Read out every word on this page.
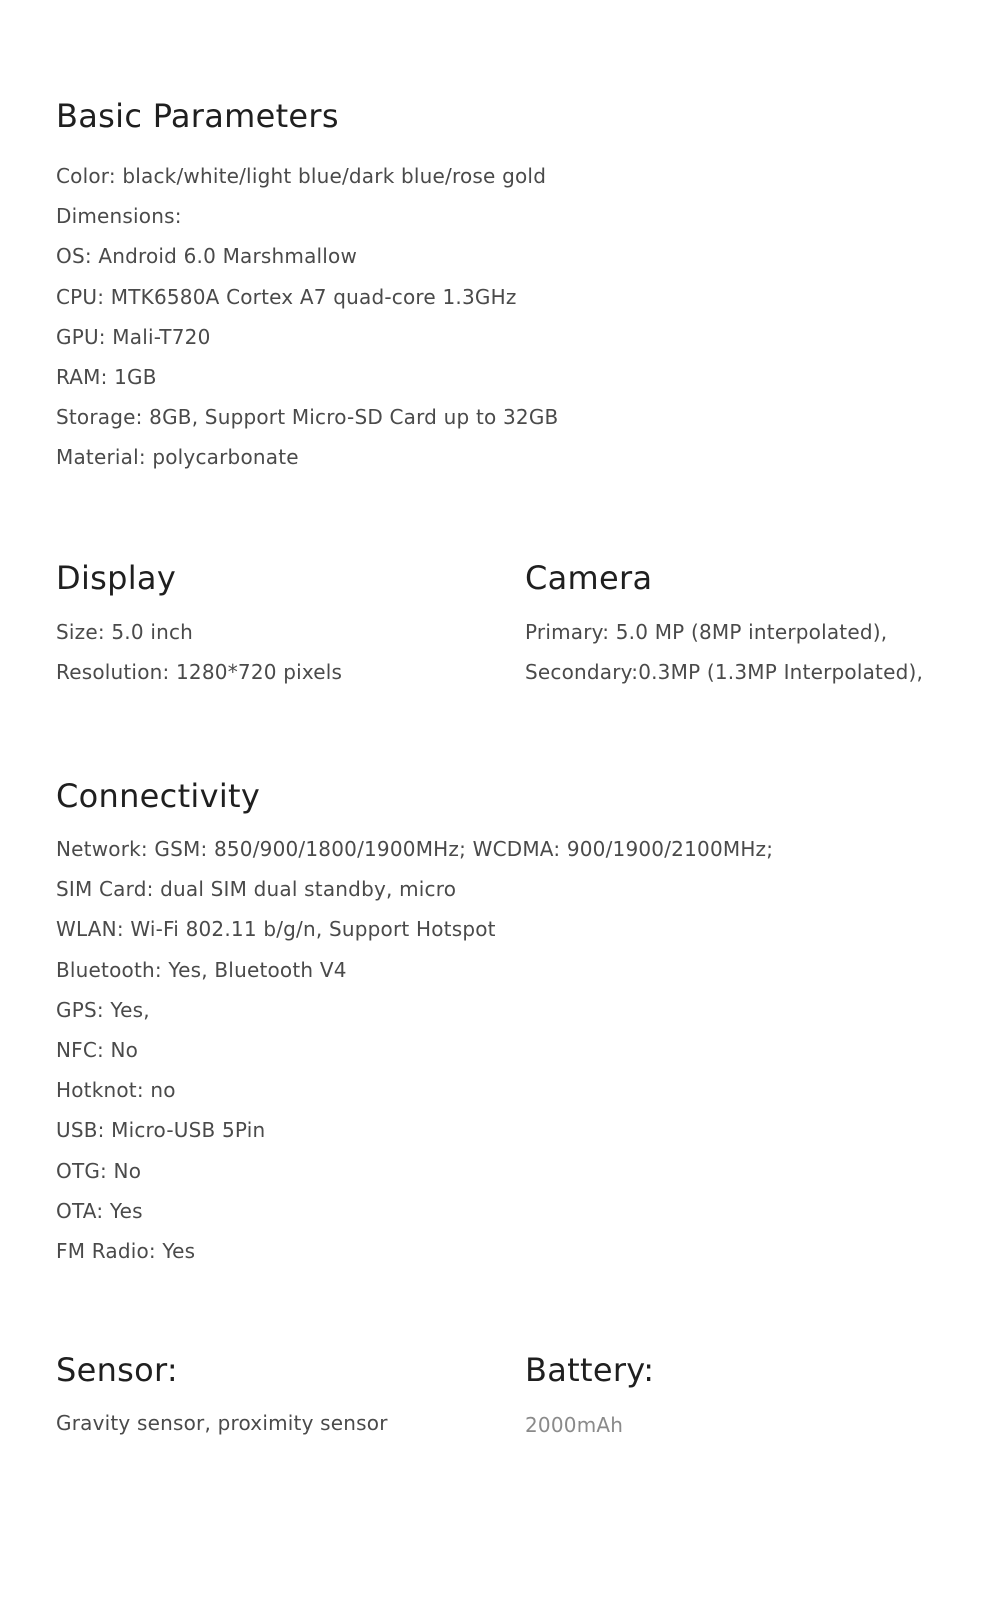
Basic Parameters
Color: black/white/light blue/dark blue/rose gold
Dimensions:
OS: Android 6.0 Marshmallow
CPU: MTK6580A Cortex A7 quad-core 1.3GHz
GPU: Mali-T720
RAM: 1GB
Storage: 8GB, Support Micro-SD Card up to 32GB
Material: polycarbonate
Display
Size: 5.0 inch
Resolution: 1280*720 pixels
Camera
Primary: 5.0 MP (8MP interpolated),
Secondary:0.3MP (1.3MP Interpolated),
Connectivity
Network: GSM: 850/900/1800/1900MHz; WCDMA: 900/1900/2100MHz;
SIM Card: dual SIM dual standby, micro
WLAN: Wi-Fi 802.11 b/g/n, Support Hotspot
Bluetooth: Yes, Bluetooth V4
GPS: Yes,
NFC: No
Hotknot: no
USB: Micro-USB 5Pin
OTG: No
OTA: Yes
FM Radio: Yes
Sensor:
Gravity sensor, proximity sensor
Battery:
2000mAh
